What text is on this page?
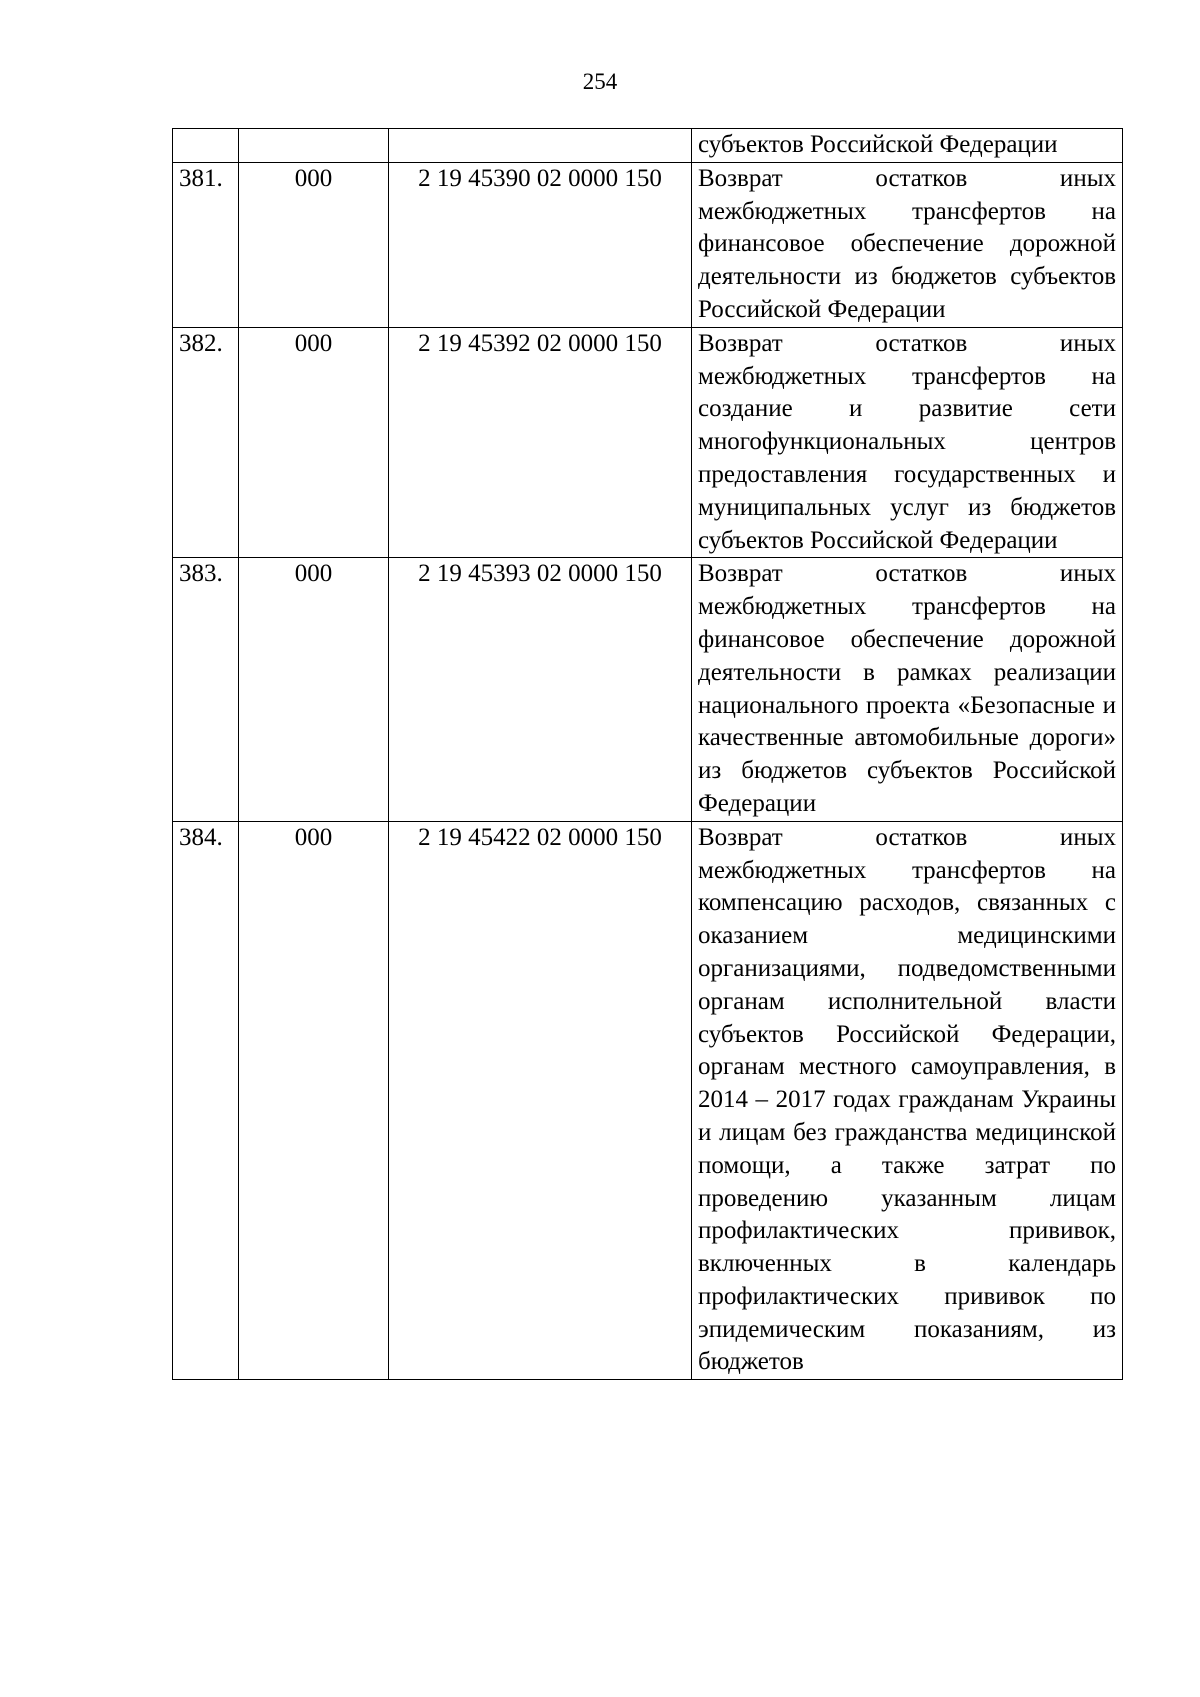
254
			субъектов Российской Федерации
381.	000	2 19 45390 02 0000 150	Возврат остатков иных межбюджетных трансфертов на финансовое обеспечение дорожной деятельности из бюджетов субъектов Российской Федерации
382.	000	2 19 45392 02 0000 150	Возврат остатков иных межбюджетных трансфертов на создание и развитие сети многофункциональных центров предоставления государственных и муниципальных услуг из бюджетов субъектов Российской Федерации
383.	000	2 19 45393 02 0000 150	Возврат остатков иных межбюджетных трансфертов на финансовое обеспечение дорожной деятельности в рамках реализации национального проекта «Безопасные и качественные автомобильные дороги» из бюджетов субъектов Российской Федерации
384.	000	2 19 45422 02 0000 150	Возврат остатков иных межбюджетных трансфертов на компенсацию расходов, связанных с оказанием медицинскими организациями, подведомственными органам исполнительной власти субъектов Российской Федерации, органам местного самоуправления, в 2014 – 2017 годах гражданам Украины и лицам без гражданства медицинской помощи, а также затрат по проведению указанным лицам профилактических прививок, включенных в календарь профилактических прививок по эпидемическим показаниям, из бюджетов
